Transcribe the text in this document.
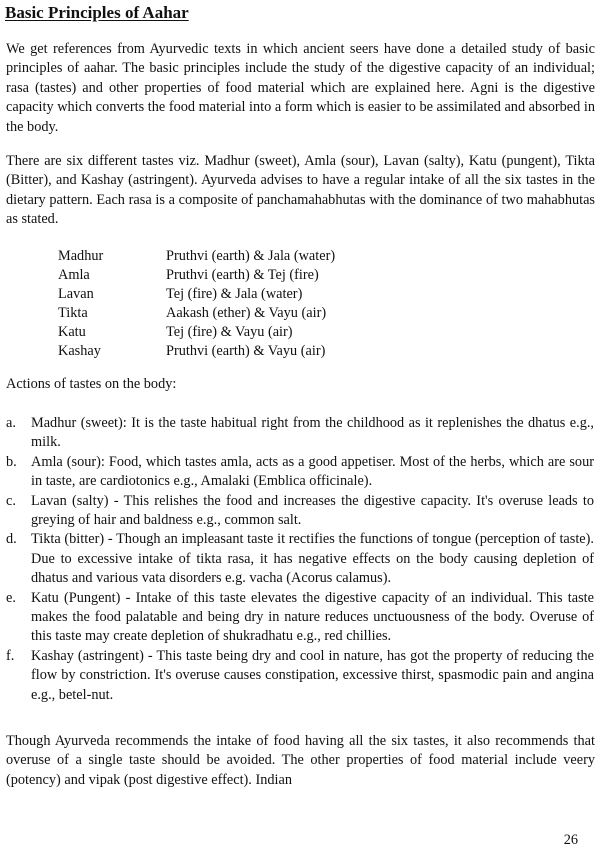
Basic Principles of Aahar

We get references from Ayurvedic texts in which ancient seers have done a detailed study of basic principles of aahar. The basic principles include the study of the digestive capacity of an individual; rasa (tastes) and other properties of food material which are explained here. Agni is the digestive capacity which converts the food material into a form which is easier to be assimilated and absorbed in the body.

There are six different tastes viz. Madhur (sweet), Amla (sour), Lavan (salty), Katu (pungent), Tikta (Bitter), and Kashay (astringent). Ayurveda advises to have a regular intake of all the six tastes in the dietary pattern. Each rasa is a composite of panchamahabhutas with the dominance of two mahabhutas as stated.

Madhur	Pruthvi (earth) & Jala (water)
Amla	Pruthvi (earth) & Tej (fire)
Lavan	Tej (fire) & Jala (water)
Tikta	Aakash (ether) & Vayu (air)
Katu	Tej (fire) & Vayu (air)
Kashay	Pruthvi (earth) & Vayu (air)

Actions of tastes on the body:

a. Madhur (sweet): It is the taste habitual right from the childhood as it replenishes the dhatus e.g., milk.
b. Amla (sour): Food, which tastes amla, acts as a good appetiser. Most of the herbs, which are sour in taste, are cardiotonics e.g., Amalaki (Emblica officinale).
c. Lavan (salty) - This relishes the food and increases the digestive capacity. It's overuse leads to greying of hair and baldness e.g., common salt.
d. Tikta (bitter) - Though an impleasant taste it rectifies the functions of tongue (perception of taste). Due to excessive intake of tikta rasa, it has negative effects on the body causing depletion of dhatus and various vata disorders e.g. vacha (Acorus calamus).
e. Katu (Pungent) - Intake of this taste elevates the digestive capacity of an individual. This taste makes the food palatable and being dry in nature reduces unctuousness of the body. Overuse of this taste may create depletion of shukradhatu e.g., red chillies.
f. Kashay (astringent) - This taste being dry and cool in nature, has got the property of reducing the flow by constriction. It's overuse causes constipation, excessive thirst, spasmodic pain and angina e.g., betel-nut.

Though Ayurveda recommends the intake of food having all the six tastes, it also recommends that overuse of a single taste should be avoided. The other properties of food material include veery (potency) and vipak (post digestive effect). Indian

26
